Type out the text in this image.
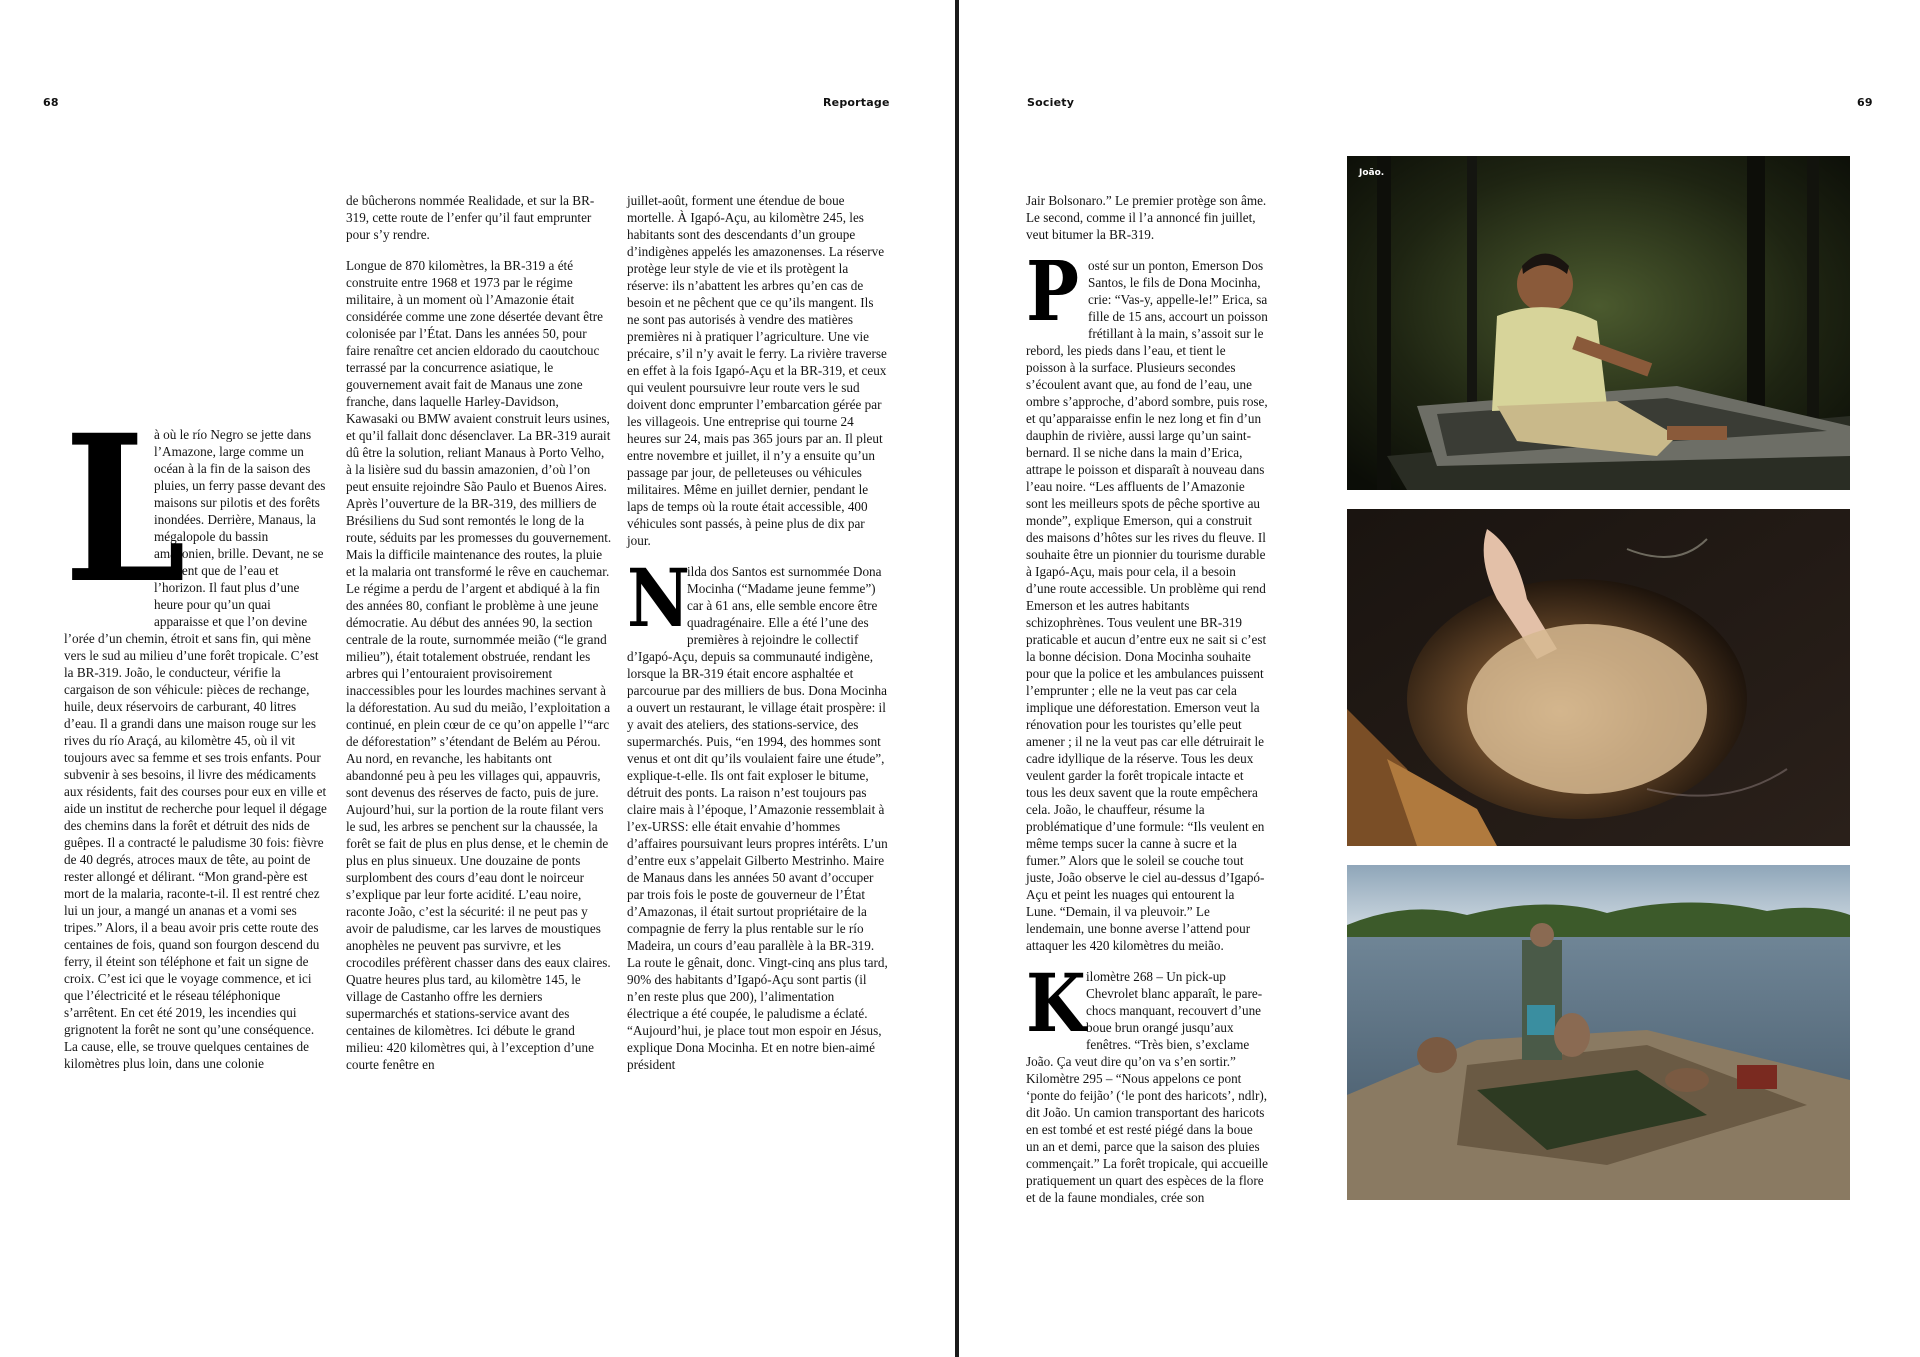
68	Reportage

L
à où le río Negro se jette dans l’Amazone, large comme un océan à la fin de la saison des pluies, un ferry passe devant des maisons sur pilotis et des forêts inondées. Derrière, Manaus, la mégalopole du bassin amazonien, brille. Devant, ne se trouvent que de l’eau et l’horizon. Il faut plus d’une heure pour qu’un quai apparaisse et que l’on devine l’orée d’un chemin, étroit et sans fin, qui mène vers le sud au milieu d’une forêt tropicale. C’est la BR-319. João, le conducteur, vérifie la cargaison de son véhicule: pièces de rechange, huile, deux réservoirs de carburant, 40 litres d’eau. Il a grandi dans une maison rouge sur les rives du río Araçá, au kilomètre 45, où il vit toujours avec sa femme et ses trois enfants. Pour subvenir à ses besoins, il livre des médicaments aux résidents, fait des courses pour eux en ville et aide un institut de recherche pour lequel il dégage des chemins dans la forêt et détruit des nids de guêpes. Il a contracté le paludisme 30 fois: fièvre de 40 degrés, atroces maux de tête, au point de rester allongé et délirant. “Mon grand-père est mort de la malaria, raconte-t-il. Il est rentré chez lui un jour, a mangé un ananas et a vomi ses tripes.” Alors, il a beau avoir pris cette route des centaines de fois, quand son fourgon descend du ferry, il éteint son téléphone et fait un signe de croix. C’est ici que le voyage commence, et ici que l’électricité et le réseau téléphonique s’arrêtent. En cet été 2019, les incendies qui grignotent la forêt ne sont qu’une conséquence. La cause, elle, se trouve quelques centaines de kilomètres plus loin, dans une colonie

de bûcherons nommée Realidade, et sur la BR-319, cette route de l’enfer qu’il faut emprunter pour s’y rendre.

Longue de 870 kilomètres, la BR-319 a été construite entre 1968 et 1973 par le régime militaire, à un moment où l’Amazonie était considérée comme une zone désertée devant être colonisée par l’État. Dans les années 50, pour faire renaître cet ancien eldorado du caoutchouc terrassé par la concurrence asiatique, le gouvernement avait fait de Manaus une zone franche, dans laquelle Harley-Davidson, Kawasaki ou BMW avaient construit leurs usines, et qu’il fallait donc désenclaver. La BR-319 aurait dû être la solution, reliant Manaus à Porto Velho, à la lisière sud du bassin amazonien, d’où l’on peut ensuite rejoindre São Paulo et Buenos Aires. Après l’ouverture de la BR-319, des milliers de Brésiliens du Sud sont remontés le long de la route, séduits par les promesses du gouvernement. Mais la difficile maintenance des routes, la pluie et la malaria ont transformé le rêve en cauchemar. Le régime a perdu de l’argent et abdiqué à la fin des années 80, confiant le problème à une jeune démocratie. Au début des années 90, la section centrale de la route, surnommée meião (“le grand milieu”), était totalement obstruée, rendant les arbres qui l’entouraient provisoirement inaccessibles pour les lourdes machines servant à la déforestation. Au sud du meião, l’exploitation a continué, en plein cœur de ce qu’on appelle l’“arc de déforestation” s’étendant de Belém au Pérou. Au nord, en revanche, les habitants ont abandonné peu à peu les villages qui, appauvris, sont devenus des réserves de facto, puis de jure. Aujourd’hui, sur la portion de la route filant vers le sud, les arbres se penchent sur la chaussée, la forêt se fait de plus en plus dense, et le chemin de plus en plus sinueux. Une douzaine de ponts surplombent des cours d’eau dont le noirceur s’explique par leur forte acidité. L’eau noire, raconte João, c’est la sécurité: il ne peut pas y avoir de paludisme, car les larves de moustiques anophèles ne peuvent pas survivre, et les crocodiles préfèrent chasser dans des eaux claires. Quatre heures plus tard, au kilomètre 145, le village de Castanho offre les derniers supermarchés et stations-service avant des centaines de kilomètres. Ici débute le grand milieu: 420 kilomètres qui, à l’exception d’une courte fenêtre en

juillet-août, forment une étendue de boue mortelle. À Igapó-Açu, au kilomètre 245, les habitants sont des descendants d’un groupe d’indigènes appelés les amazonenses. La réserve protège leur style de vie et ils protègent la réserve: ils n’abattent les arbres qu’en cas de besoin et ne pêchent que ce qu’ils mangent. Ils ne sont pas autorisés à vendre des matières premières ni à pratiquer l’agriculture. Une vie précaire, s’il n’y avait le ferry. La rivière traverse en effet à la fois Igapó-Açu et la BR-319, et ceux qui veulent poursuivre leur route vers le sud doivent donc emprunter l’embarcation gérée par les villageois. Une entreprise qui tourne 24 heures sur 24, mais pas 365 jours par an. Il pleut entre novembre et juillet, il n’y a ensuite qu’un passage par jour, de pelleteuses ou véhicules militaires. Même en juillet dernier, pendant le laps de temps où la route était accessible, 400 véhicules sont passés, à peine plus de dix par jour.

N
ilda dos Santos est surnommée Dona Mocinha (“Madame jeune femme”) car à 61 ans, elle semble encore être quadragénaire. Elle a été l’une des premières à rejoindre le collectif d’Igapó-Açu, depuis sa communauté indigène, lorsque la BR-319 était encore asphaltée et parcourue par des milliers de bus. Dona Mocinha a ouvert un restaurant, le village était prospère: il y avait des ateliers, des stations-service, des supermarchés. Puis, “en 1994, des hommes sont venus et ont dit qu’ils voulaient faire une étude”, explique-t-elle. Ils ont fait exploser le bitume, détruit des ponts. La raison n’est toujours pas claire mais à l’époque, l’Amazonie ressemblait à l’ex-URSS: elle était envahie d’hommes d’affaires poursuivant leurs propres intérêts. L’un d’entre eux s’appelait Gilberto Mestrinho. Maire de Manaus dans les années 50 avant d’occuper par trois fois le poste de gouverneur de l’État d’Amazonas, il était surtout propriétaire de la compagnie de ferry la plus rentable sur le río Madeira, un cours d’eau parallèle à la BR-319. La route le gênait, donc. Vingt-cinq ans plus tard, 90% des habitants d’Igapó-Açu sont partis (il n’en reste plus que 200), l’alimentation électrique a été coupée, le paludisme a éclaté. “Aujourd’hui, je place tout mon espoir en Jésus, explique Dona Mocinha. Et en notre bien-aimé président

Society	69

Jair Bolsonaro.” Le premier protège son âme. Le second, comme il l’a annoncé fin juillet, veut bitumer la BR-319.

Posté sur un ponton, Emerson Dos Santos, le fils de Dona Mocinha, crie: “Vas-y, appelle-le!” Erica, sa fille de 15 ans, accourt un poisson frétillant à la main, s’assoit sur le rebord, les pieds dans l’eau, et tient le poisson à la surface. Plusieurs secondes s’écoulent avant que, au fond de l’eau, une ombre s’approche, d’abord sombre, puis rose, et qu’apparaisse enfin le nez long et fin d’un dauphin de rivière, aussi large qu’un saint-bernard. Il se niche dans la main d’Erica, attrape le poisson et disparaît à nouveau dans l’eau noire. “Les affluents de l’Amazonie sont les meilleurs spots de pêche sportive au monde”, explique Emerson, qui a construit des maisons d’hôtes sur les rives du fleuve. Il souhaite être un pionnier du tourisme durable à Igapó-Açu, mais pour cela, il a besoin d’une route accessible. Un problème qui rend Emerson et les autres habitants schizophrènes. Tous veulent une BR-319 praticable et aucun d’entre eux ne sait si c’est la bonne décision. Dona Mocinha souhaite pour que la police et les ambulances puissent l’emprunter ; elle ne la veut pas car cela implique une déforestation. Emerson veut la rénovation pour les touristes qu’elle peut amener ; il ne la veut pas car elle détruirait le cadre idyllique de la réserve. Tous les deux veulent garder la forêt tropicale intacte et tous les deux savent que la route empêchera cela. João, le chauffeur, résume la problématique d’une formule: “Ils veulent en même temps sucer la canne à sucre et la fumer.” Alors que le soleil se couche tout juste, João observe le ciel au-dessus d’Igapó-Açu et peint les nuages qui entourent la Lune. “Demain, il va pleuvoir.” Le lendemain, une bonne averse l’attend pour attaquer les 420 kilomètres du meião.

Kilomètre 268 – Un pick-up Chevrolet blanc apparaît, le pare-chocs manquant, recouvert d’une boue brun orangé jusqu’aux fenêtres. “Très bien, s’exclame João. Ça veut dire qu’on va s’en sortir.” Kilomètre 295 – “Nous appelons ce pont ‘ponte do feijão’ (‘le pont des haricots’, ndlr), dit João. Un camion transportant des haricots en est tombé et est resté piégé dans la boue un an et demi, parce que la saison des pluies commençait.” La forêt tropicale, qui accueille pratiquement un quart des espèces de la flore et de la faune mondiales, crée son

João.
